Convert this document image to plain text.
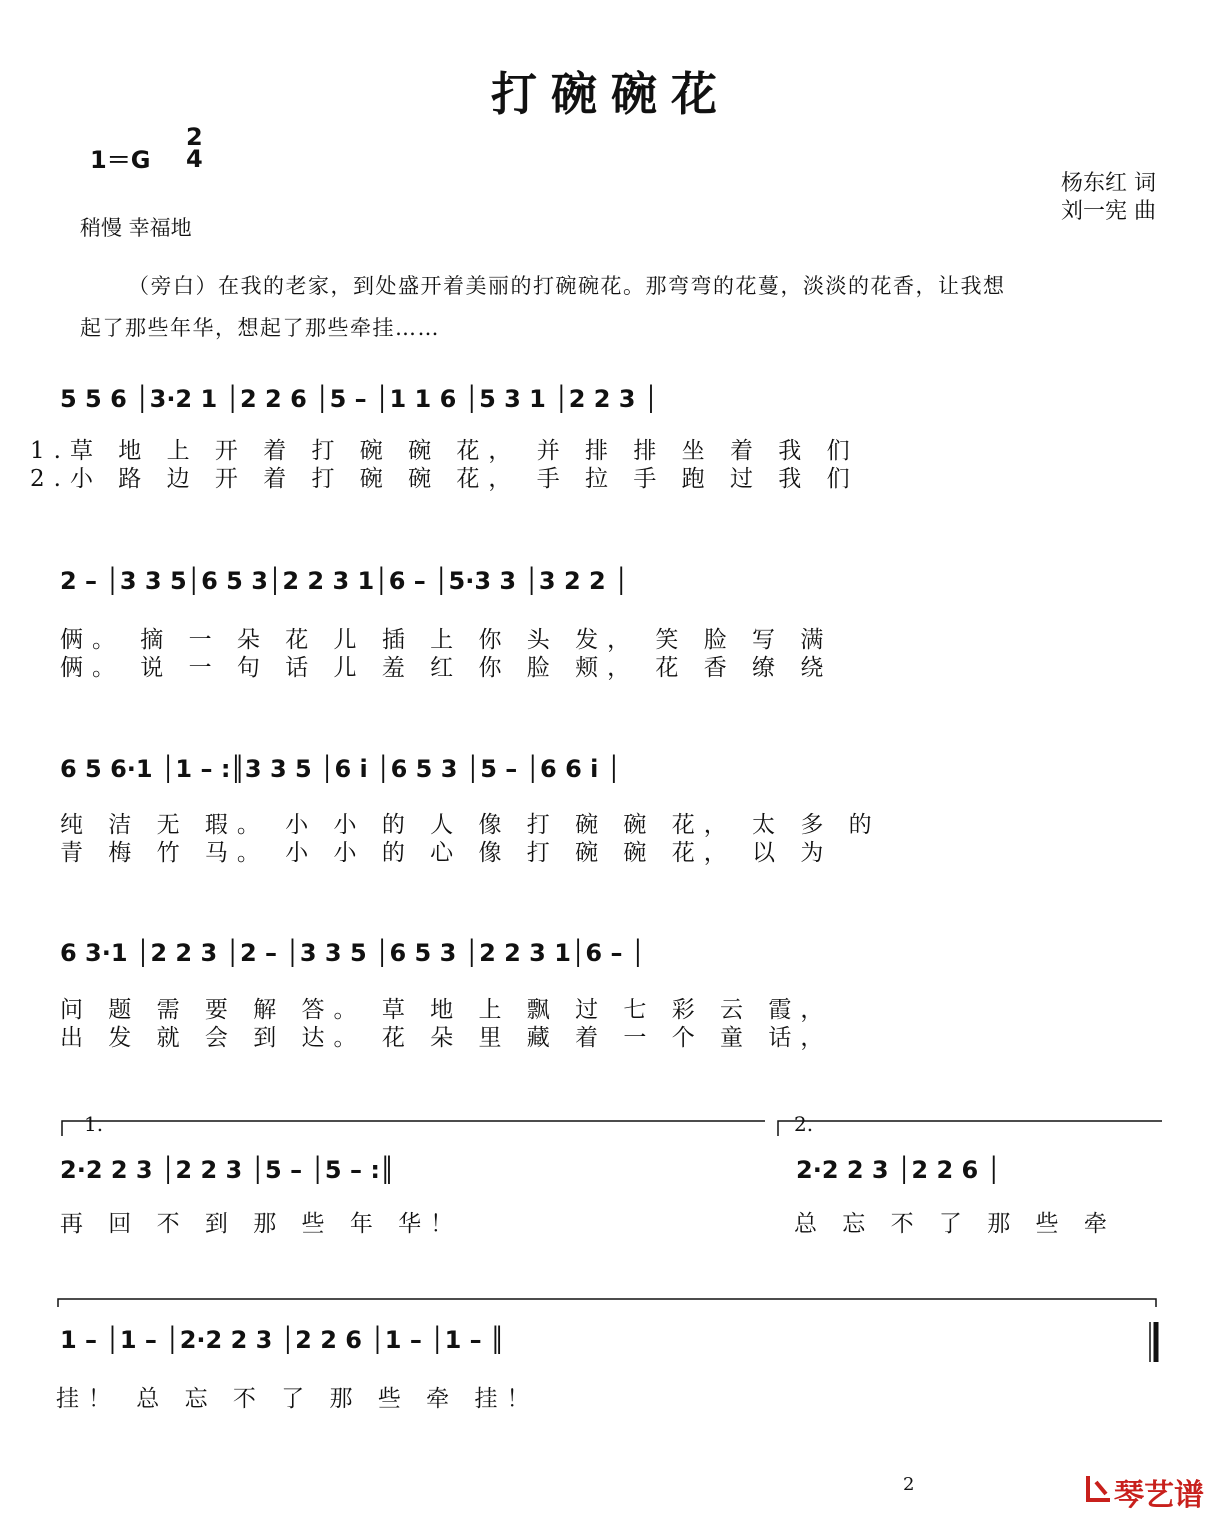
打碗碗花
1＝G
2
4
杨东红 词
刘一宪 曲
稍慢 幸福地
（旁白）在我的老家，到处盛开着美丽的打碗碗花。那弯弯的花蔓，淡淡的花香，让我想
起了那些年华，想起了那些牵挂……
5 5 6 │3·2 1 │2 2 6 │5 – │1 1 6 │5 3 1 │2 2 3 │
1.草 地 上 开 着 打 碗 碗 花， 并 排 排 坐 着 我 们
2.小 路 边 开 着 打 碗 碗 花， 手 拉 手 跑 过 我 们
2 – │3 3 5│6 5 3│2 2 3 1│6 – │5·3 3 │3 2 2 │
俩。 摘 一 朵 花 儿 插 上 你 头 发， 笑 脸 写 满
俩。 说 一 句 话 儿 羞 红 你 脸 颊， 花 香 缭 绕
6 5 6·1 │1 – :║3 3 5 │6 i │6 5 3 │5 – │6 6 i │
纯 洁 无 瑕。 小 小 的 人 像 打 碗 碗 花， 太 多 的
青 梅 竹 马。 小 小 的 心 像 打 碗 碗 花， 以 为
6 3·1 │2 2 3 │2 – │3 3 5 │6 5 3 │2 2 3 1│6 – │
问 题 需 要 解 答。 草 地 上 飘 过 七 彩 云 霞，
出 发 就 会 到 达。 花 朵 里 藏 着 一 个 童 话，
1.	2.
2·2 2 3 │2 2 3 │5 – │5 – :║	2·2 2 3 │2 2 6 │
再 回 不 到 那 些 年 华！	总 忘 不 了 那 些 牵
1 – │1 – │2·2 2 3 │2 2 6 │1 – │1 – ║
挂！ 总 忘 不 了 那 些 牵 挂！
2	琴艺谱
